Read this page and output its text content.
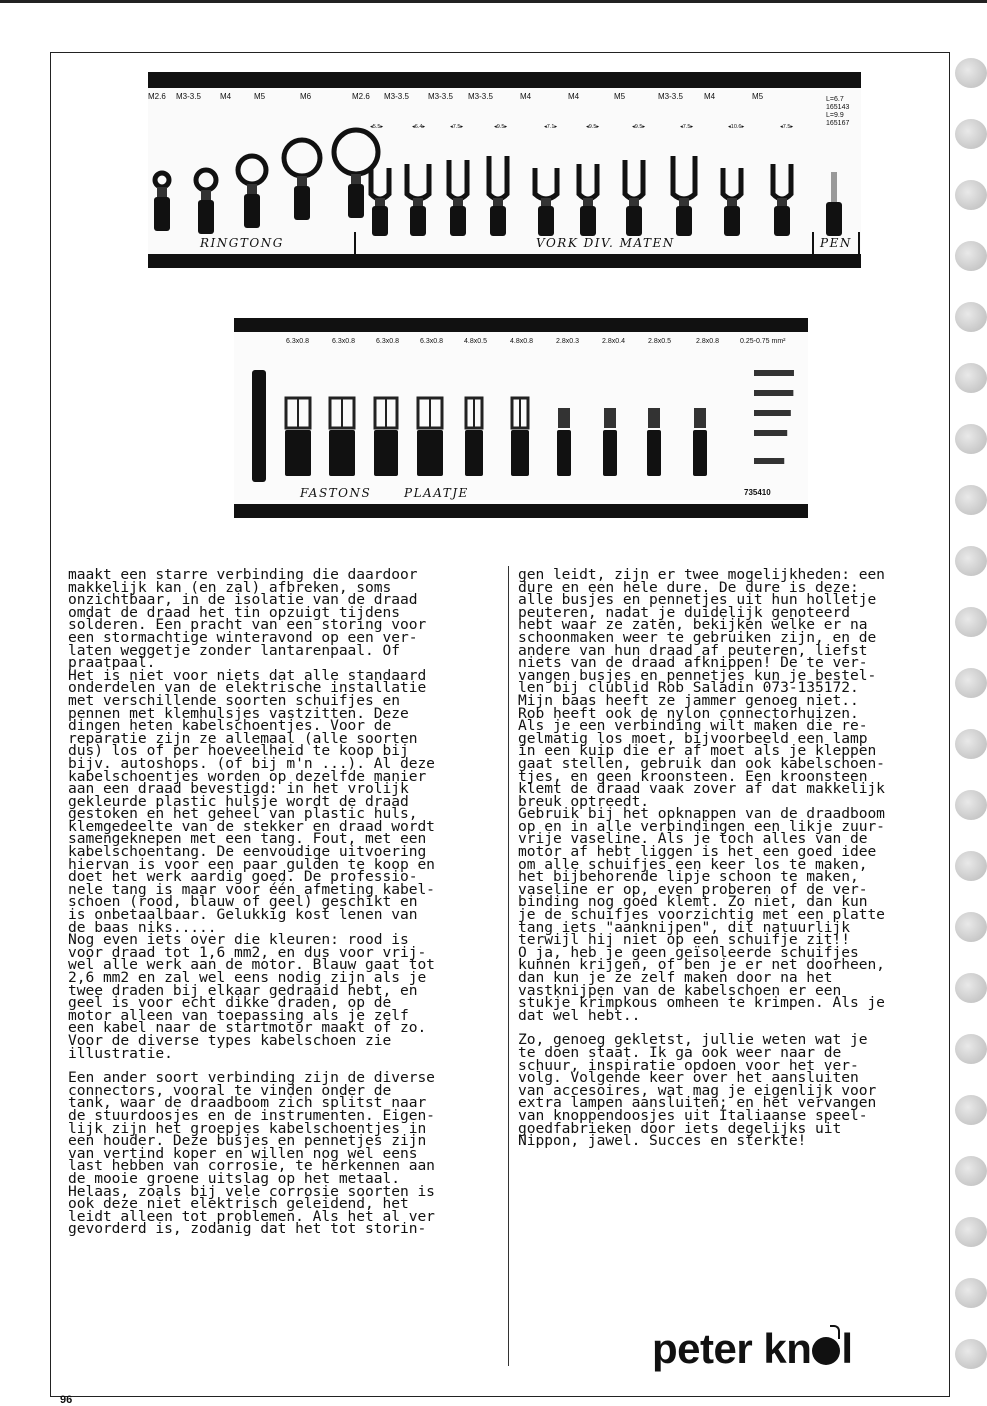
M2.6 M3-3.5 M4	M5	M6	M2.6 M3-3.5 M3-3.5 M3-3.5	M4	M4	M5	M3-3.5	M4	M5
◂5.5▸	◂6.4▸	◂7.5▸	◂9.5▸	◂7.1▸	◂9.5▸	◂9.5▸	◂7.5▸	◂10.6▸	◂7.5▸
L=6.7
165143
L=9.9
165167
RINGTONG	VORK DIV. MATEN	PEN
6.3x0.8	6.3x0.8	6.3x0.8	6.3x0.8	4.8x0.5	4.8x0.8	2.8x0.3	2.8x0.4	2.8x0.5	2.8x0.8	0.25-0.75 mm²
FASTONS	PLAATJE	735410

maakt een starre verbinding die daardoor

makkelijk kan (en zal) afbreken, soms

onzichtbaar, in de isolatie van de draad

omdat de draad het tin opzuigt tijdens

solderen. Een pracht van een storing voor

een stormachtige winteravond op een ver-

laten weggetje zonder lantarenpaal. Of

praatpaal.

Het is niet voor niets dat alle standaard

onderdelen van de elektrische installatie

met verschillende soorten schuifjes en

pennen met klemhulsjes vastzitten. Deze

dingen heten kabelschoentjes. Voor de

reparatie zijn ze allemaal (alle soorten

dus) los of per hoeveelheid te koop bij

bijv. autoshops. (of bij m'n ...). Al deze

kabelschoentjes worden op dezelfde manier

aan een draad bevestigd: in het vrolijk

gekleurde plastic hulsje wordt de draad

gestoken en het geheel van plastic huls,

klemgedeelte van de stekker en draad wordt

samengeknepen met een tang. Fout, met een

kabelschoentang. De eenvoudige uitvoering

hiervan is voor een paar gulden te koop en

doet het werk aardig goed. De professio-

nele tang is maar voor één afmeting kabel-

schoen (rood, blauw of geel) geschikt en

is onbetaalbaar. Gelukkig kost lenen van

de baas niks.....

Nog even iets over die kleuren: rood is

voor draad tot 1,6 mm2, en dus voor vrij-

wel alle werk aan de motor. Blauw gaat tot

2,6 mm2 en zal wel eens nodig zijn als je

twee draden bij elkaar gedraaid hebt, en

geel is voor echt dikke draden, op de

motor alleen van toepassing als je zelf

een kabel naar de startmotor maakt of zo.

Voor de diverse types kabelschoen zie

illustratie.

Een ander soort verbinding zijn de diverse

connectors, vooral te vinden onder de

tank, waar de draadboom zich splitst naar

de stuurdoosjes en de instrumenten. Eigen-

lijk zijn het groepjes kabelschoentjes in

een houder. Deze busjes en pennetjes zijn

van vertind koper en willen nog wel eens

last hebben van corrosie, te herkennen aan

de mooie groene uitslag op het metaal.

Helaas, zoals bij vele corrosie soorten is

ook deze niet elektrisch geleidend, het

leidt alleen tot problemen. Als het al ver

gevorderd is, zodanig dat het tot storin-

gen leidt, zijn er twee mogelijkheden: een

dure en een hele dure. De dure is deze:

alle busjes en pennetjes uit hun holletje

peuteren, nadat je duidelijk genoteerd

hebt waar ze zaten, bekijken welke er na

schoonmaken weer te gebruiken zijn, en de

andere van hun draad af peuteren, liefst

niets van de draad afknippen! De te ver-

vangen busjes en pennetjes kun je bestel-

len bij clublid Rob Saladin 073-135172.

Mijn baas heeft ze jammer genoeg niet..

Rob heeft ook de nylon connectorhuizen.

Als je een verbinding wilt maken die re-

gelmatig los moet, bijvoorbeeld een lamp

in een kuip die er af moet als je kleppen

gaat stellen, gebruik dan ook kabelschoen-

tjes, en geen kroonsteen. Een kroonsteen

klemt de draad vaak zover af dat makkelijk

breuk optreedt.

Gebruik bij het opknappen van de draadboom

op en in alle verbindingen een likje zuur-

vrije vaseline. Als je toch alles van de

motor af hebt liggen is het een goed idee

om alle schuifjes een keer los te maken,

het bijbehorende lipje schoon te maken,

vaseline er op, even proberen of de ver-

binding nog goed klemt. Zo niet, dan kun

je de schuifjes voorzichtig met een platte

tang iets "aanknijpen", dit natuurlijk

terwijl hij niet op een schuifje zit!!

O ja, heb je geen geïsoleerde schuifjes

kunnen krijgen, of ben je er net doorheen,

dan kun je ze zelf maken door na het

vastknijpen van de kabelschoen er een

stukje krimpkous omheen te krimpen. Als je

dat wel hebt..

Zo, genoeg gekletst, jullie weten wat je

te doen staat. Ik ga ook weer naar de

schuur, inspiratie opdoen voor het ver-

volg. Volgende keer over het aansluiten

van accesoires, wat mag je eigenlijk voor

extra lampen aansluiten; en het vervangen

van knoppendoosjes uit Italiaanse speel-

goedfabrieken door iets degelijks uit

Nippon, jawel. Succes en sterkte!

peter kn l
96
